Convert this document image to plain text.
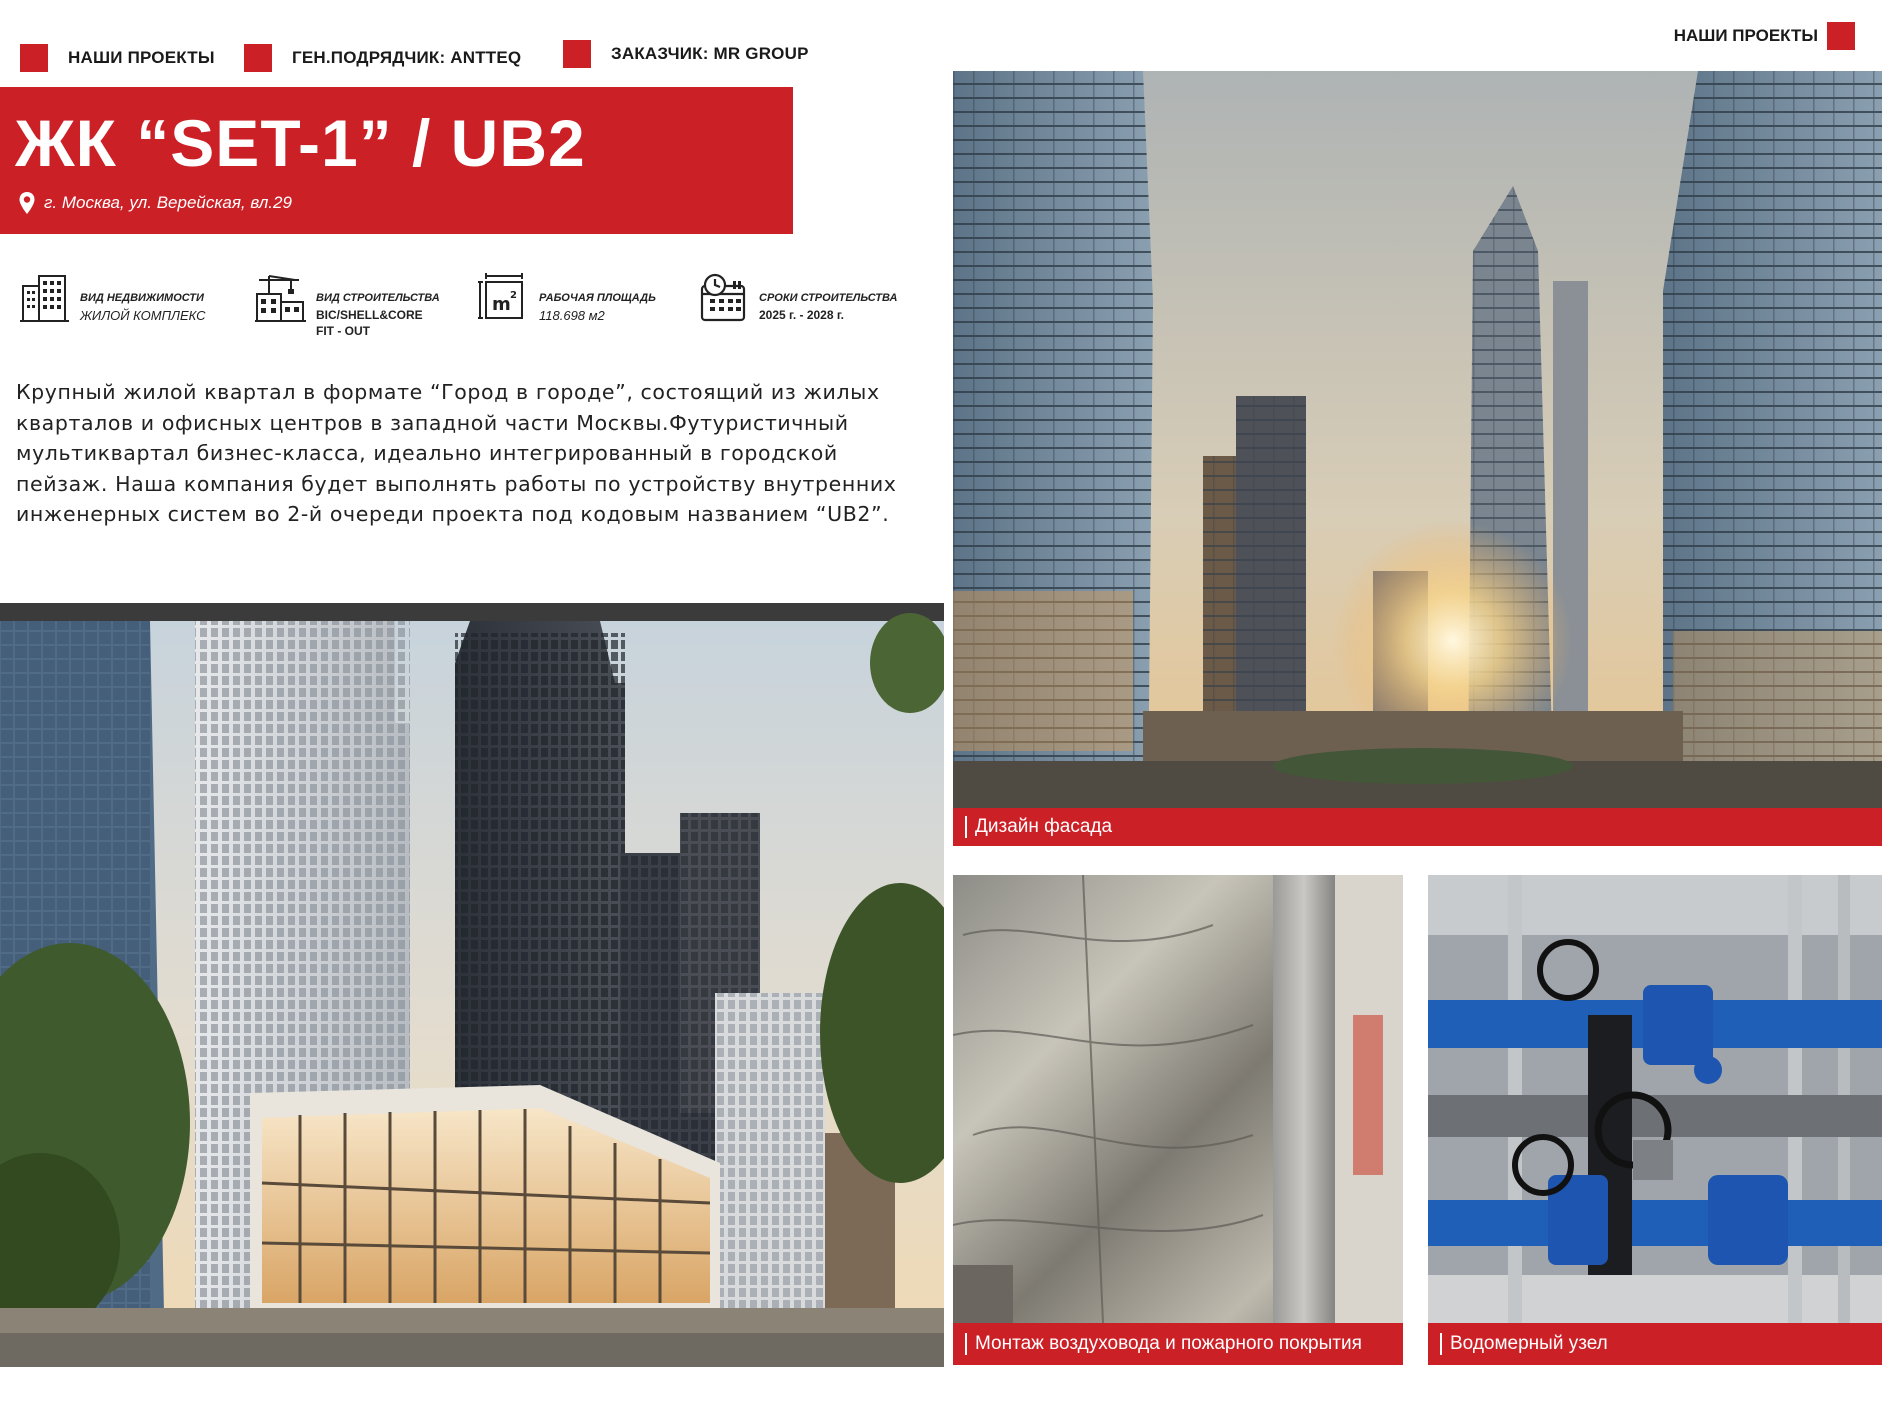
НАШИ ПРОЕКТЫ	ГЕН.ПОДРЯДЧИК: ANTTEQ	ЗАКАЗЧИК: MR GROUP
НАШИ ПРОЕКТЫ
ЖК “SET-1” / UB2
г. Москва, ул. Верейская, вл.29
ВИД НЕДВИЖИМОСТИ
ЖИЛОЙ КОМПЛЕКС
ВИД СТРОИТЕЛЬСТВА
BIC/SHELL&CORE
FIT - OUT
m 2 РАБОЧАЯ ПЛОЩАДЬ
118.698 м2
СРОКИ СТРОИТЕЛЬСТВА
2025 г. - 2028 г.
Крупный жилой квартал в формате “Город в городе”, состоящий из жилых кварталов и офисных центров в западной части Москвы.Футуристичный мультиквартал бизнес-класса, идеально интегрированный в городской пейзаж. Наша компания будет выполнять работы по устройству внутренних инженерных систем во 2-й очереди проекта под кодовым названием “UB2”.
Дизайн фасада
Монтаж воздуховода и пожарного покрытия	Водомерный узел
